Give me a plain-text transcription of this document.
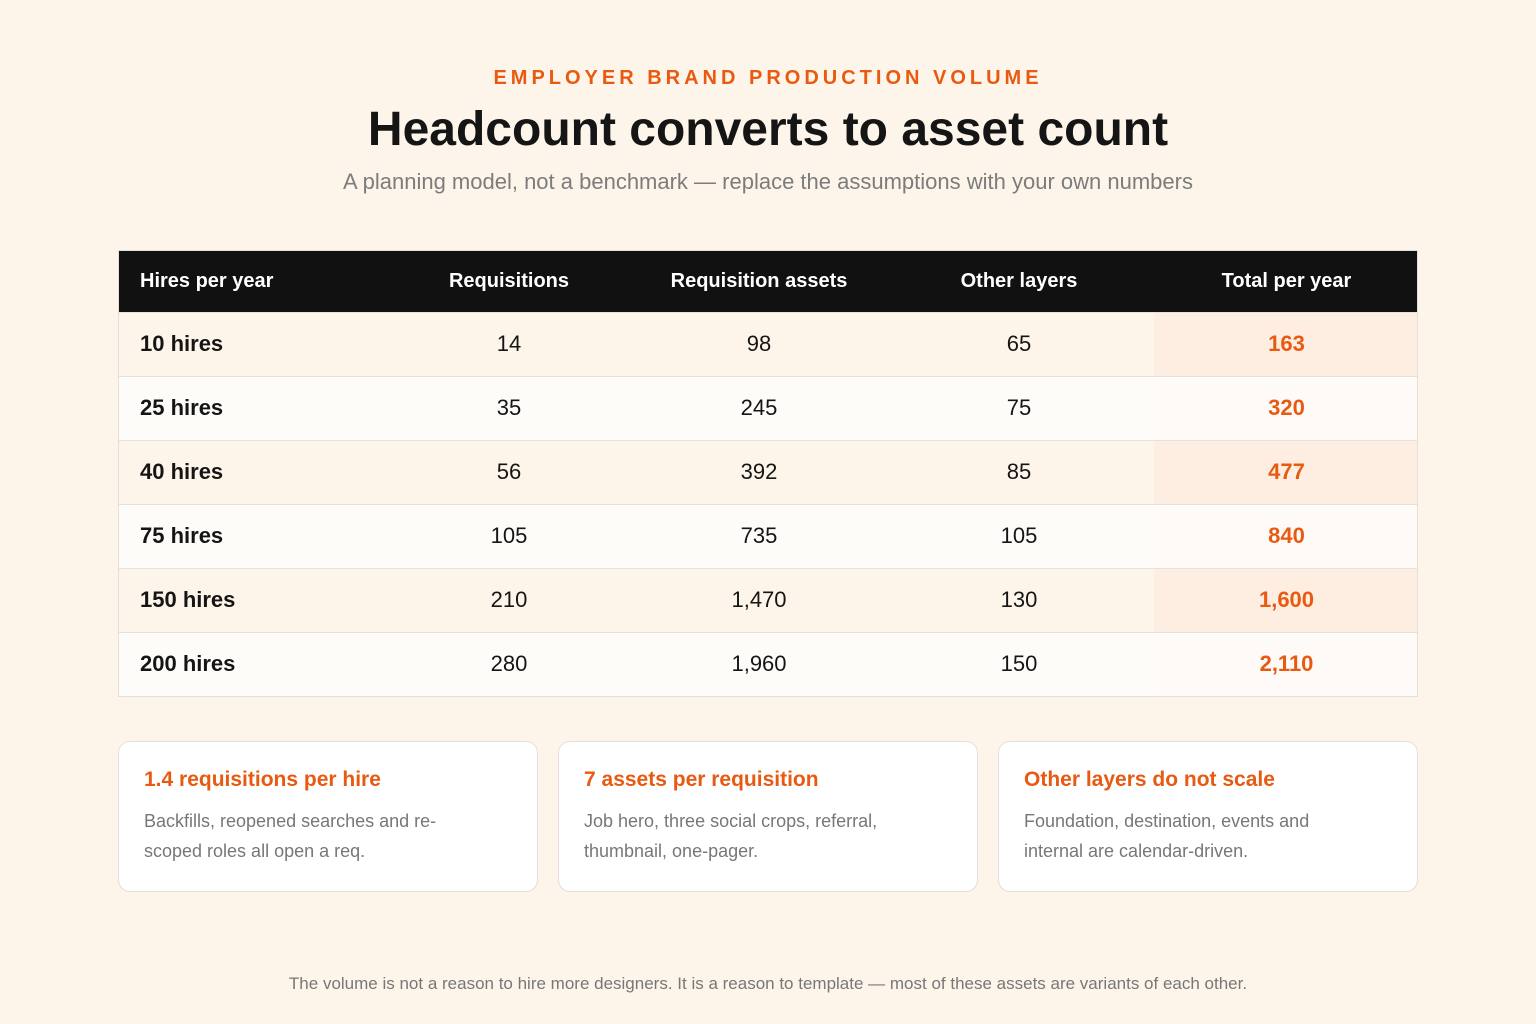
EMPLOYER BRAND PRODUCTION VOLUME
Headcount converts to asset count
A planning model, not a benchmark — replace the assumptions with your own numbers
Hires per year	Requisitions	Requisition assets	Other layers	Total per year
10 hires	14	98	65	163
25 hires	35	245	75	320
40 hires	56	392	85	477
75 hires	105	735	105	840
150 hires	210	1,470	130	1,600
200 hires	280	1,960	150	2,110
1.4 requisitions per hire

Backfills, reopened searches and re-scoped roles all open a req.

7 assets per requisition

Job hero, three social crops, referral, thumbnail, one-pager.

Other layers do not scale

Foundation, destination, events and internal are calendar-driven.

The volume is not a reason to hire more designers. It is a reason to template — most of these assets are variants of each other.
